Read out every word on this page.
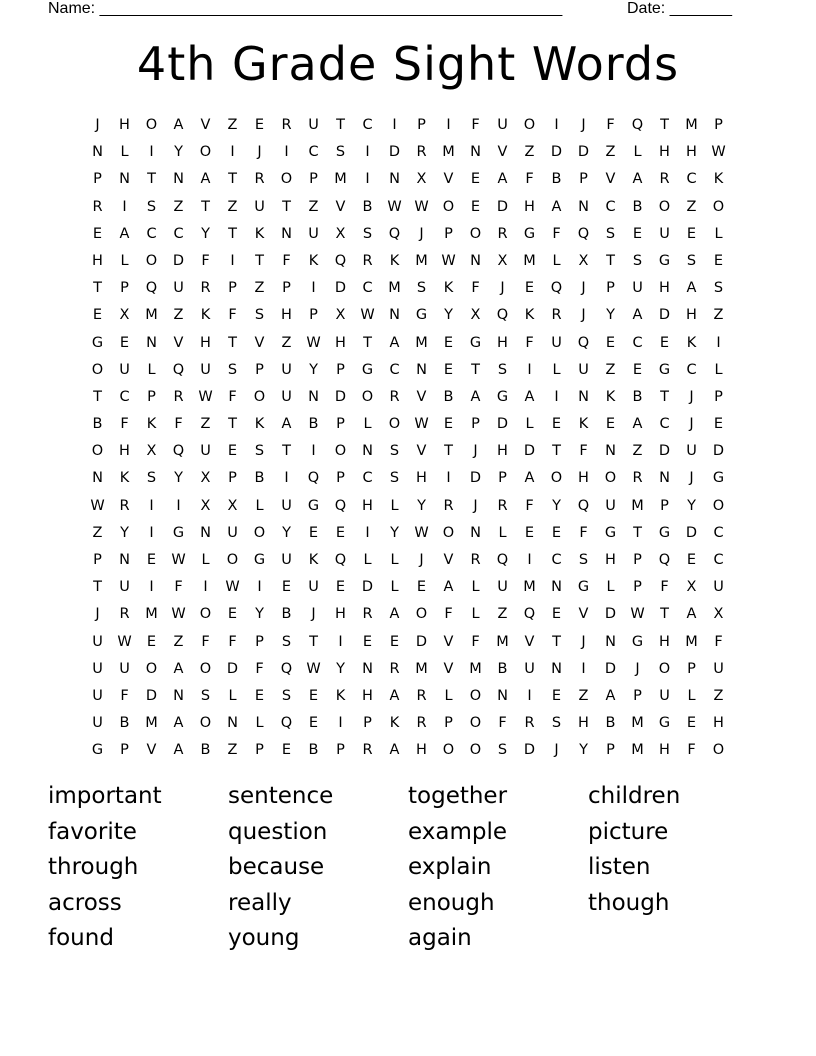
Name: ____________________________________________________	Date: _______
4th Grade Sight Words
J	H	O	A	V	Z	E	R	U	T	C	I	P	I	F	U	O	I	J	F	Q	T	M	P
N	L	I	Y	O	I	J	I	C	S	I	D	R	M	N	V	Z	D	D	Z	L	H	H W
P	N	T	N	A	T	R	O	P	M	I	N	X	V	E	A	F	B	P	V	A	R	C	K
R	I	S	Z	T	Z	U	T	Z	V	B	W W O	E	D	H	A	N	C	B	O	Z	O
E	A	C	C	Y	T	K	N	U	X	S	Q	J	P	O	R	G	F	Q	S	E	U	E	L
H	L	O	D	F	I	T	F	K	Q	R	K	M W N	X	M	L	X	T	S	G	S	E
T	P	Q	U	R	P	Z	P	I	D	C	M	S	K	F	J	E	Q	J	P	U	H	A	S
E	X	M	Z	K	F	S	H	P	X	W N	G	Y	X	Q	K	R	J	Y	A	D	H	Z
G	E	N	V	H	T	V	Z	W H	T	A	M	E	G	H	F	U	Q	E	C	E	K	I
O	U	L	Q	U	S	P	U	Y	P	G	C	N	E	T	S	I	L	U	Z	E	G	C	L
T	C	P	R	W	F	O	U	N	D	O	R	V	B	A	G	A	I	N	K	B	T	J	P
B	F	K	F	Z	T	K	A	B	P	L	O W	E	P	D	L	E	K	E	A	C	J	E
O	H	X	Q	U	E	S	T	I	O	N	S	V	T	J	H	D	T	F	N	Z	D	U	D
N	K	S	Y	X	P	B	I	Q	P	C	S	H	I	D	P	A	O	H	O	R	N	J	G
W	R	I	I	X	X	L	U	G	Q	H	L	Y	R	J	R	F	Y	Q	U	M	P	Y	O
Z	Y	I	G	N	U	O	Y	E	E	I	Y	W O	N	L	E	E	F	G	T	G	D	C
P	N	E	W	L	O	G	U	K	Q	L	L	J	V	R	Q	I	C	S	H	P	Q	E	C
T	U	I	F	I	W	I	E	U	E	D	L	E	A	L	U	M	N	G	L	P	F	X	U
J	R	M W O	E	Y	B	J	H	R	A	O	F	L	Z	Q	E	V	D W	T	A	X
U	W	E	Z	F	F	P	S	T	I	E	E	D	V	F	M	V	T	J	N	G	H	M	F
U	U	O	A	O	D	F	Q W	Y	N	R	M	V	M	B	U	N	I	D	J	O	P	U
U	F	D	N	S	L	E	S	E	K	H	A	R	L	O	N	I	E	Z	A	P	U	L	Z
U	B	M	A	O	N	L	Q	E	I	P	K	R	P	O	F	R	S	H	B	M	G	E	H
G	P	V	A	B	Z	P	E	B	P	R	A	H	O	O	S	D	J	Y	P	M	H	F	O
important	sentence	together	children
favorite	question	example	picture
through	because	explain	listen
across	really	enough	though
found	young	again
